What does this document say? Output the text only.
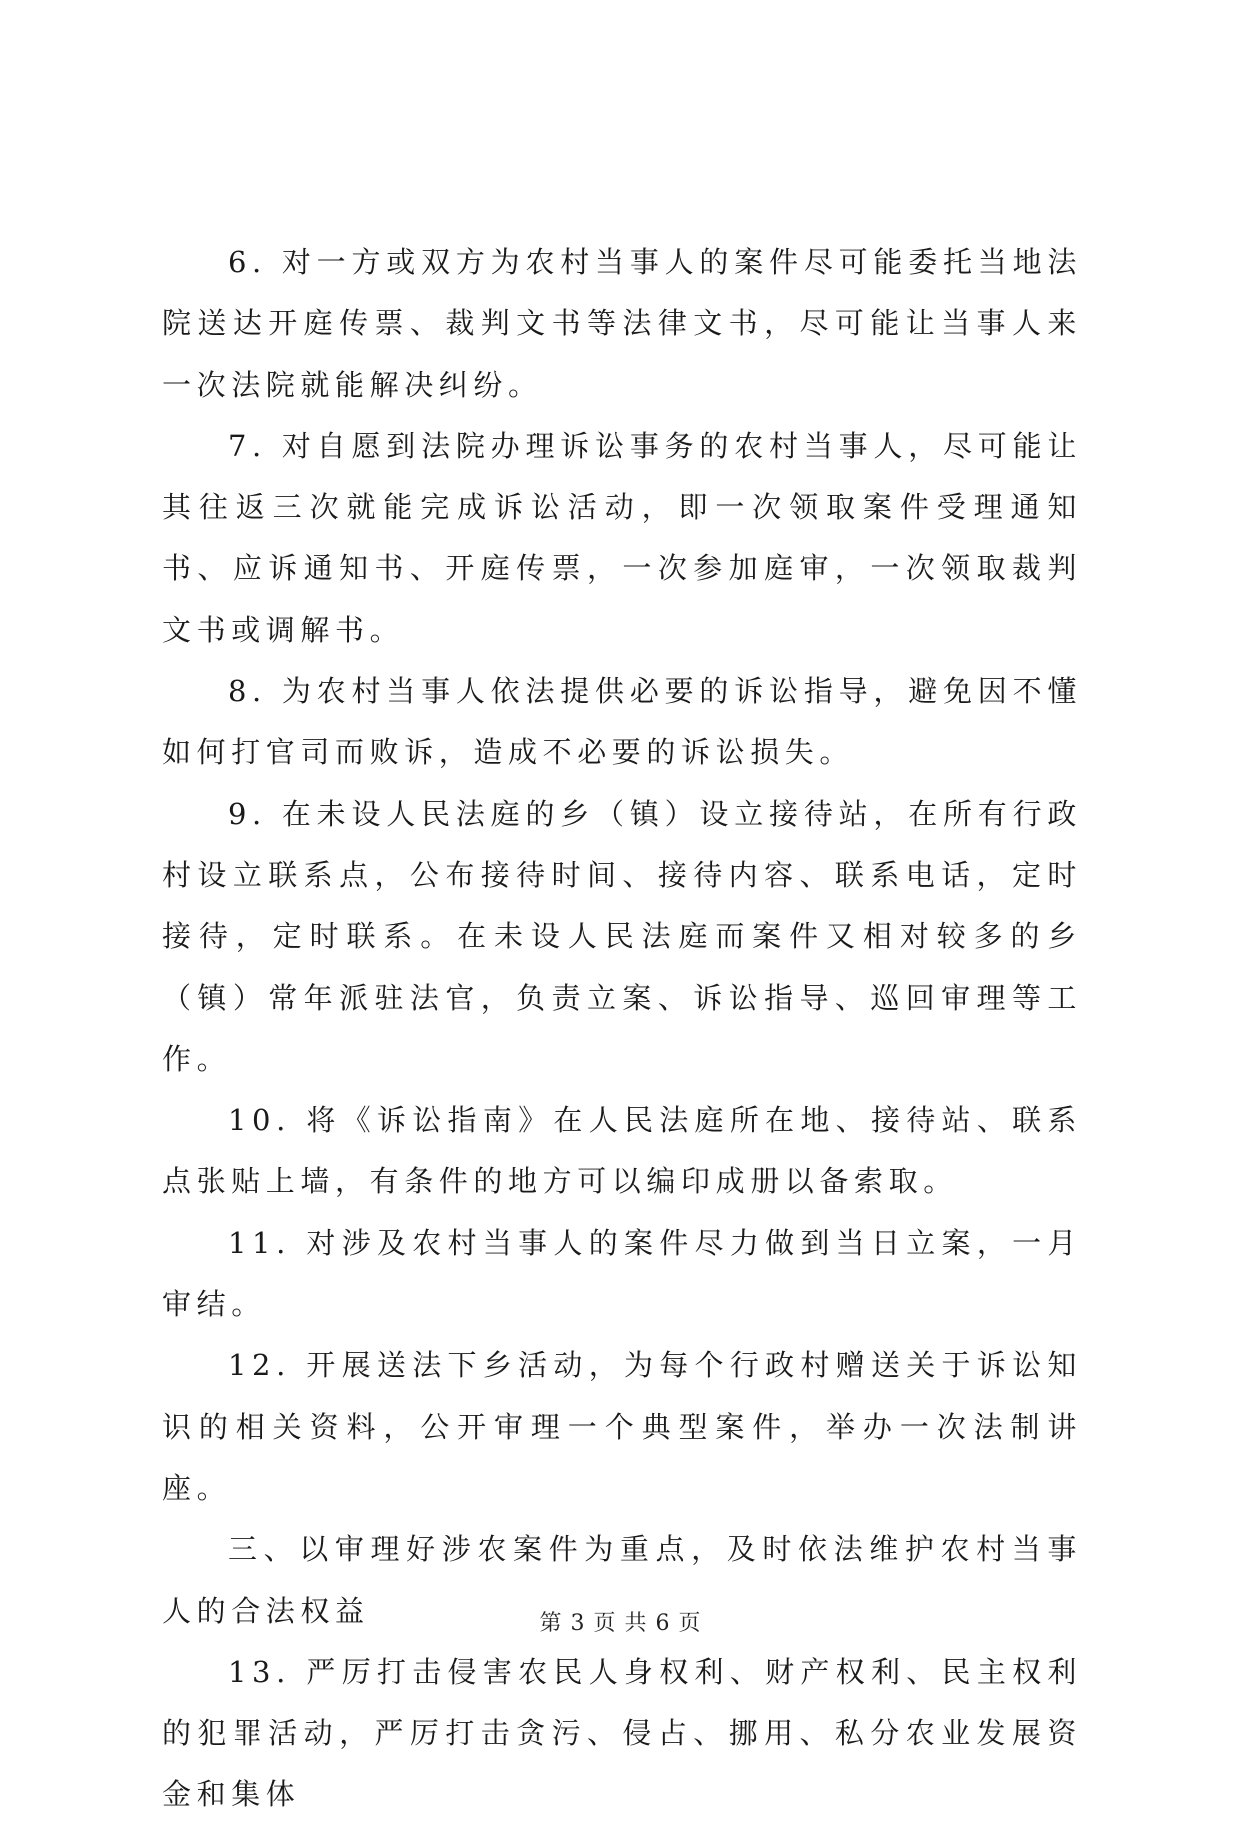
6. 对一方或双方为农村当事人的案件尽可能委托当地法院送达开庭传票、裁判文书等法律文书，尽可能让当事人来一次法院就能解决纠纷。

7. 对自愿到法院办理诉讼事务的农村当事人，尽可能让其往返三次就能完成诉讼活动，即一次领取案件受理通知书、应诉通知书、开庭传票，一次参加庭审，一次领取裁判文书或调解书。

8. 为农村当事人依法提供必要的诉讼指导，避免因不懂如何打官司而败诉，造成不必要的诉讼损失。

9. 在未设人民法庭的乡（镇）设立接待站，在所有行政村设立联系点，公布接待时间、接待内容、联系电话，定时接待，定时联系。在未设人民法庭而案件又相对较多的乡（镇）常年派驻法官，负责立案、诉讼指导、巡回审理等工作。

10. 将《诉讼指南》在人民法庭所在地、接待站、联系点张贴上墙，有条件的地方可以编印成册以备索取。

11. 对涉及农村当事人的案件尽力做到当日立案，一月审结。

12. 开展送法下乡活动，为每个行政村赠送关于诉讼知识的相关资料，公开审理一个典型案件，举办一次法制讲座。

三、以审理好涉农案件为重点，及时依法维护农村当事人的合法权益

13. 严厉打击侵害农民人身权利、财产权利、民主权利的犯罪活动，严厉打击贪污、侵占、挪用、私分农业发展资金和集体

第 3 页 共 6 页
